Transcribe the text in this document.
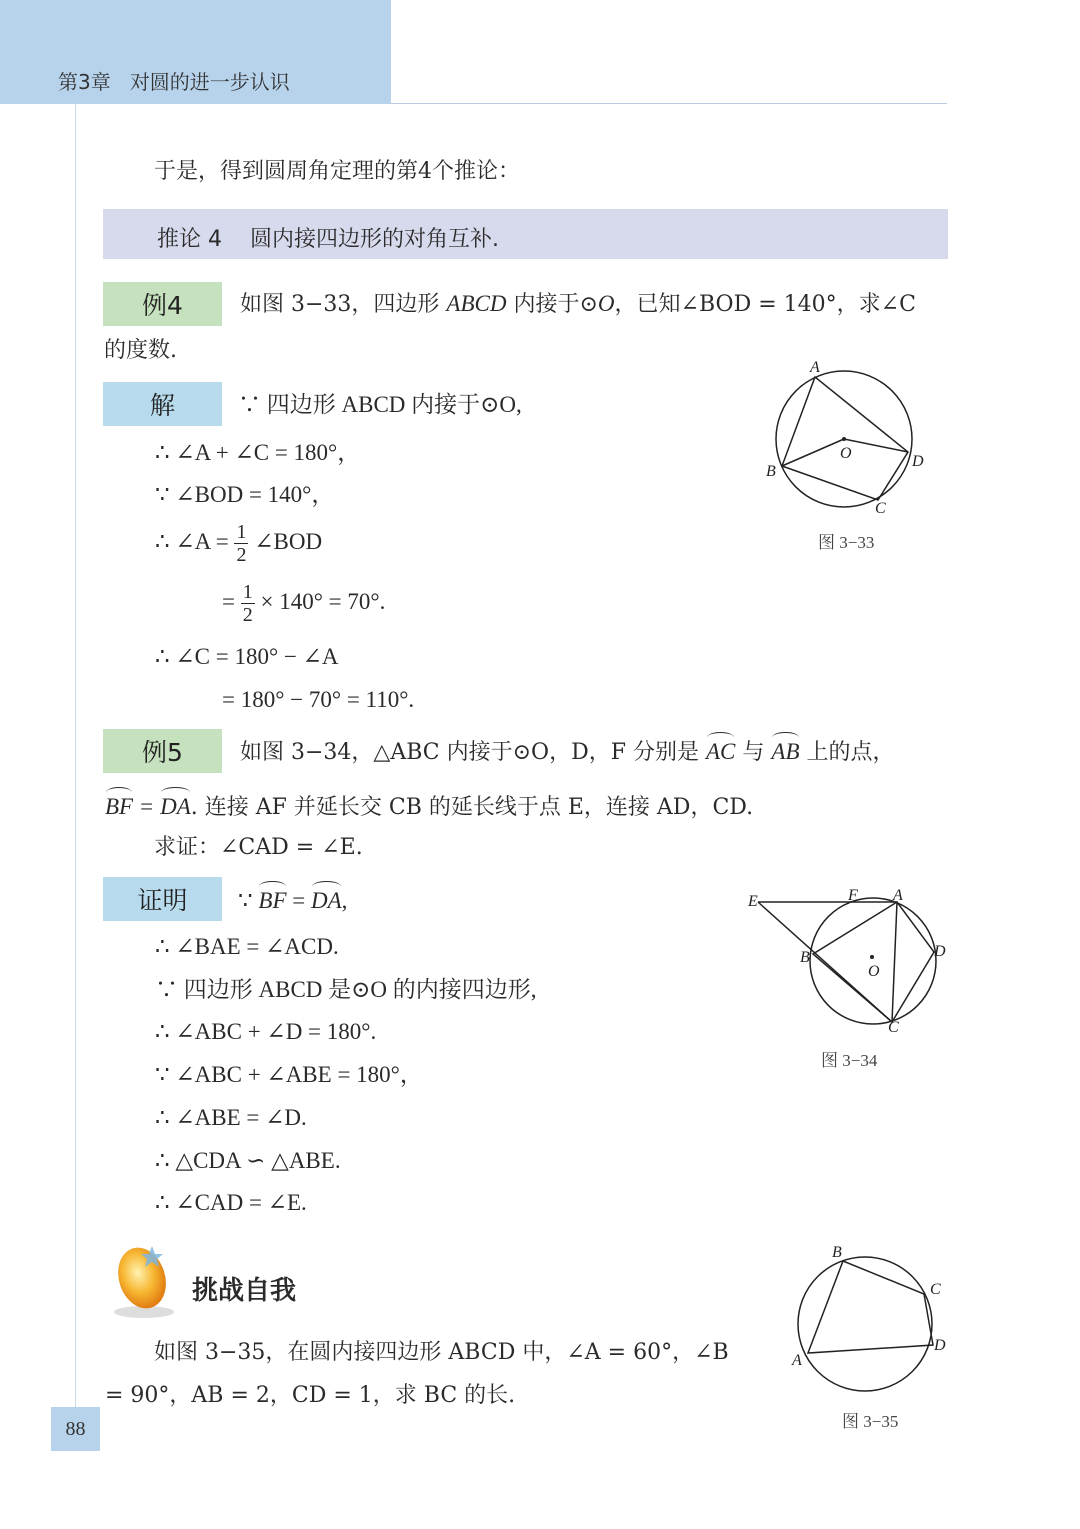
第3章 对圆的进一步认识
于是，得到圆周角定理的第4个推论：
推论 4 圆内接四边形的对角互补.
例4	如图 3−33，四边形 ABCD 内接于⊙O，已知∠BOD = 140°，求∠C
的度数.
解	∵ 四边形 ABCD 内接于⊙O,
∴ ∠A + ∠C = 180°，
∵ ∠BOD = 140°，
∴ ∠A = $\frac{1}{2}$ ∠BOD
= $\frac{1}{2} \times 140^\circ = 70^\circ$.
∴ ∠C = 180° − ∠A
= 180° − 70° = 110°.
A
B
C
D
O
图 3−33
例5	如图 3−34，△ABC 内接于⊙O，D，F 分别是 AC 与 AB 上的点，
BF = DA. 连接 AF 并延长交 CB 的延长线于点 E，连接 AD，CD.
求证：∠CAD = ∠E.
证明	∵ BF = DA,
∴ ∠BAE = ∠ACD.
∵ 四边形 ABCD 是⊙O 的内接四边形,
∴ ∠ABC + ∠D = 180°.
∵ ∠ABC + ∠ABE = 180°，
∴ ∠ABE = ∠D.
∴ △CDA ∽ △ABE.
∴ ∠CAD = ∠E.
E	F A
B
C
D
O
图 3−34
挑战自我
如图 3−35，在圆内接四边形 ABCD 中，∠A = 60°，∠B
= 90°，AB = 2，CD = 1，求 BC 的长.
B
C
D
A
图 3−35
88
